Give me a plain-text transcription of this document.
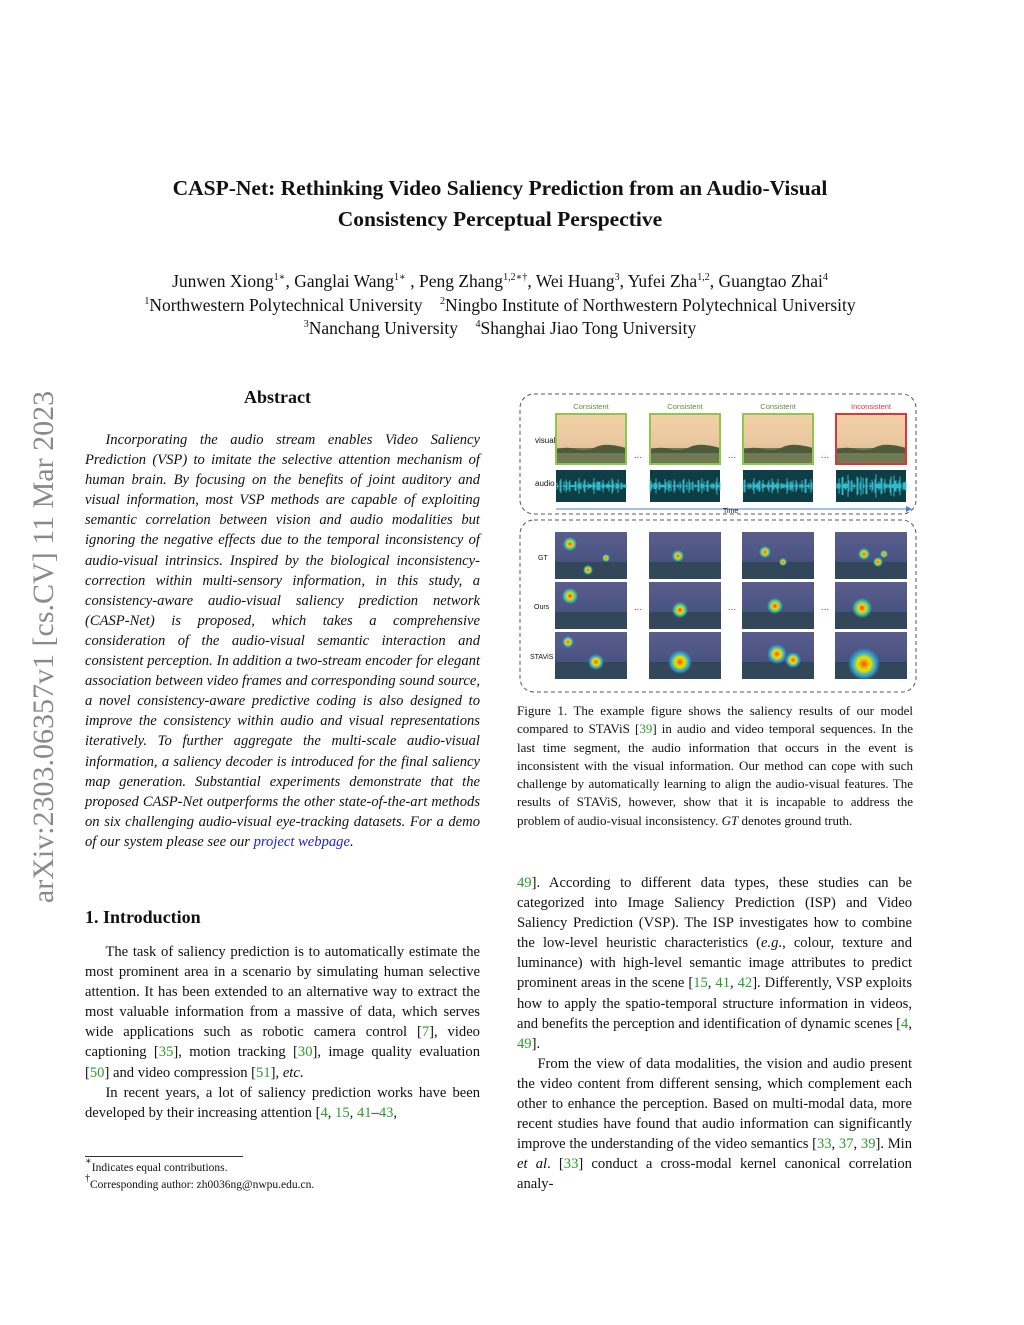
arXiv:2303.06357v1 [cs.CV] 11 Mar 2023
CASP-Net: Rethinking Video Saliency Prediction from an Audio-Visual
Consistency Perceptual Perspective
Junwen Xiong$^{1∗}$, Ganglai Wang$^{1∗}$ , Peng Zhang$^{1,2∗\dagger}$, Wei Huang$^3$, Yufei Zha$^{1,2}$, Guangtao Zhai$^4$
$^1$Northwestern Polytechnical University $^2$Ningbo Institute of Northwestern Polytechnical University
$^3$Nanchang University $^4$Shanghai Jiao Tong University
Abstract

Incorporating the audio stream enables Video Saliency Prediction (VSP) to imitate the selective attention mechanism of human brain. By focusing on the benefits of joint auditory and visual information, most VSP methods are capable of exploiting semantic correlation between vision and audio modalities but ignoring the negative effects due to the temporal inconsistency of audio-visual intrinsics. Inspired by the biological inconsistency-correction within multi-sensory information, in this study, a consistency-aware audio-visual saliency prediction network (CASP-Net) is proposed, which takes a comprehensive consideration of the audio-visual semantic interaction and consistent perception. In addition a two-stream encoder for elegant association between video frames and corresponding sound source, a novel consistency-aware predictive coding is also designed to improve the consistency within audio and visual representations iteratively. To further aggregate the multi-scale audio-visual information, a saliency decoder is introduced for the final saliency map generation. Substantial experiments demonstrate that the proposed CASP-Net outperforms the other state-of-the-art methods on six challenging audio-visual eye-tracking datasets. For a demo of our system please see our project webpage.

1. Introduction

The task of saliency prediction is to automatically estimate the most prominent area in a scenario by simulating human selective attention. It has been extended to an alternative way to extract the most valuable information from a massive of data, which serves wide applications such as robotic camera control [7], video captioning [35], motion tracking [30], image quality evaluation [50] and video compression [51], etc.

In recent years, a lot of saliency prediction works have been developed by their increasing attention [4, 15, 41–43,

∗Indicates equal contributions.
†Corresponding author: zh0036ng@nwpu.edu.cn.
Consistent	Consistent	Consistent	Inconsistent
...	...	...
...	...	...
visual
audio
Time
GT
Ours
STAViS
Figure 1. The example figure shows the saliency results of our model compared to STAViS [39] in audio and video temporal sequences. In the last time segment, the audio information that occurs in the event is inconsistent with the visual information. Our method can cope with such challenge by automatically learning to align the audio-visual features. The results of STAViS, however, show that it is incapable to address the problem of audio-visual inconsistency. GT denotes ground truth.

49]. According to different data types, these studies can be categorized into Image Saliency Prediction (ISP) and Video Saliency Prediction (VSP). The ISP investigates how to combine the low-level heuristic characteristics (e.g., colour, texture and luminance) with high-level semantic image attributes to predict prominent areas in the scene [15, 41, 42]. Differently, VSP exploits how to apply the spatio-temporal structure information in videos, and benefits the perception and identification of dynamic scenes [4, 49].

From the view of data modalities, the vision and audio present the video content from different sensing, which complement each other to enhance the perception. Based on multi-modal data, more recent studies have found that audio information can significantly improve the understanding of the video semantics [33, 37, 39]. Min et al. [33] conduct a cross-modal kernel canonical correlation analy-
